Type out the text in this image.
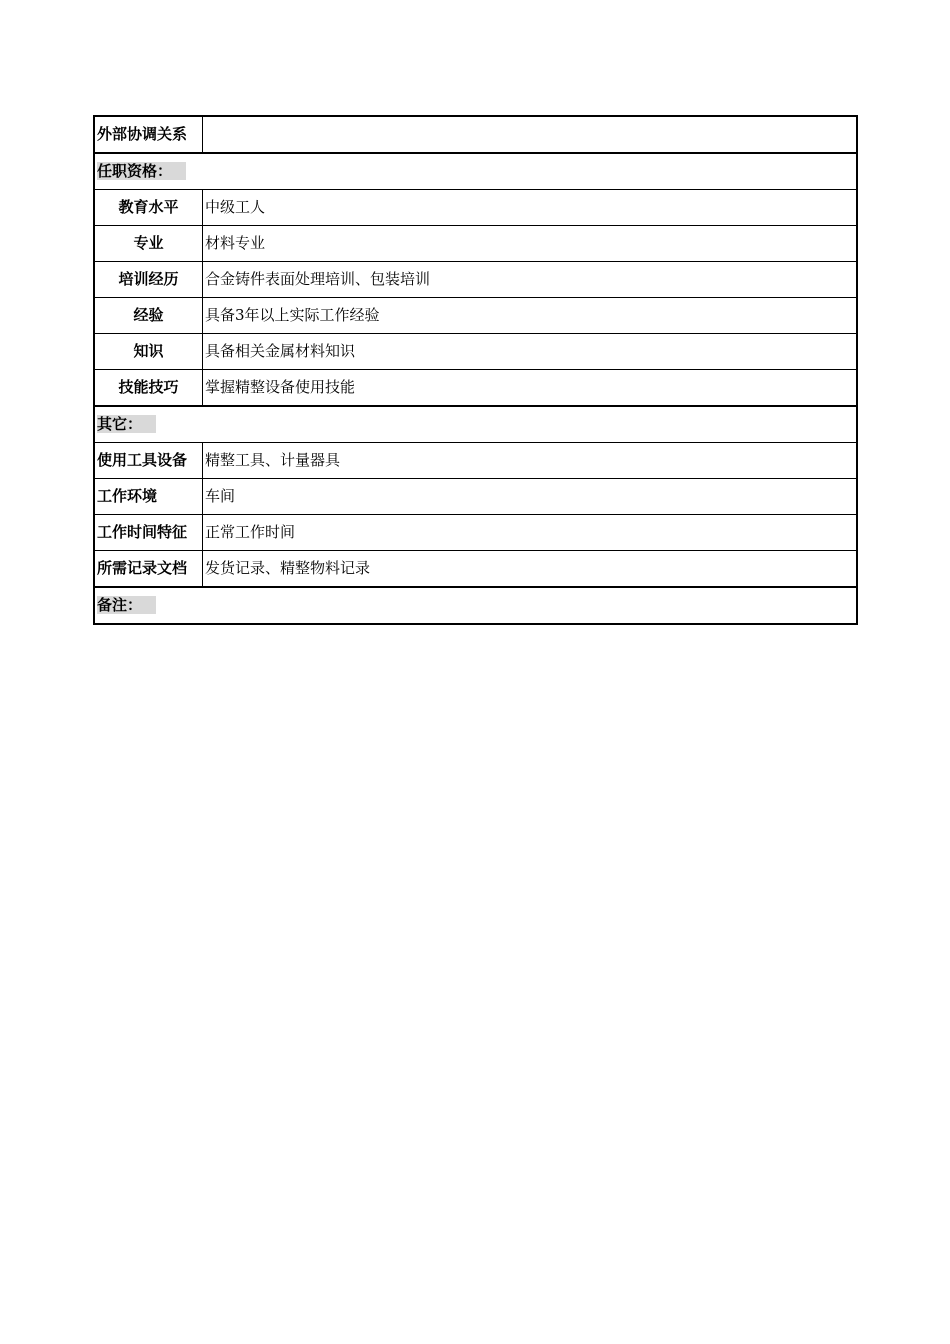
外部协调关系	
任职资格：	
教育水平	中级工人
专业	材料专业
培训经历	合金铸件表面处理培训、包装培训
经验	具备3年以上实际工作经验
知识	具备相关金属材料知识
技能技巧	掌握精整设备使用技能
其它：	
使用工具设备	精整工具、计量器具
工作环境	车间
工作时间特征	正常工作时间
所需记录文档	发货记录、精整物料记录
备注：	
